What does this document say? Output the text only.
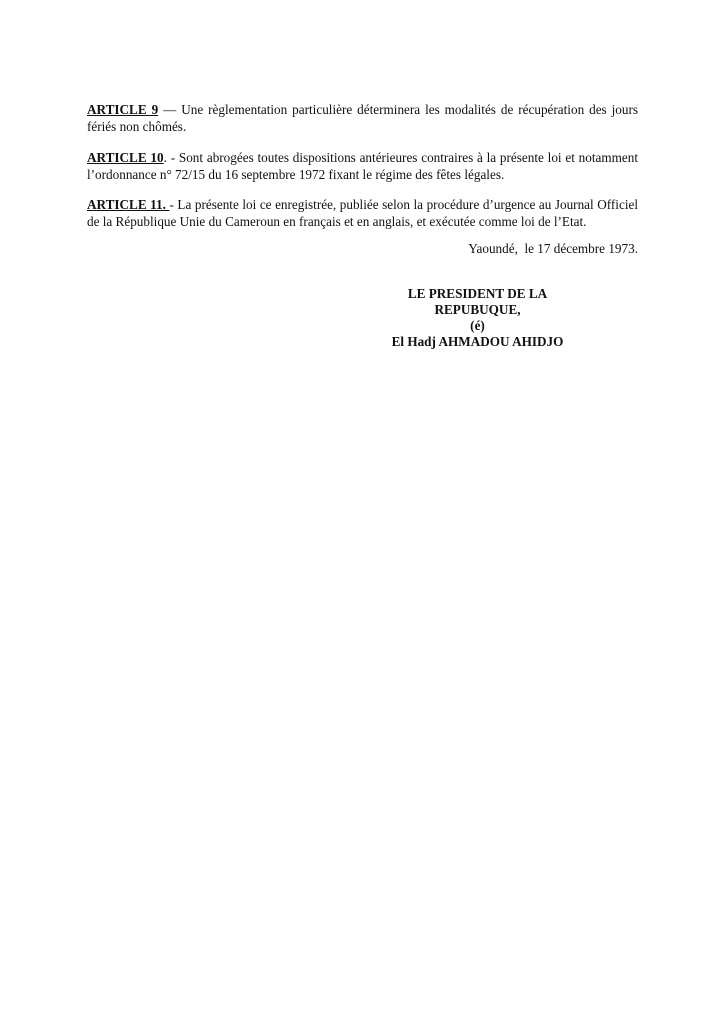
ARTICLE 9 — Une règlementation particulière déterminera les modalités de récupération des jours fériés non chômés.

ARTICLE 10. - Sont abrogées toutes dispositions antérieures contraires à la présente loi et notamment l’ordonnance n° 72/15 du 16 septembre 1972 fixant le régime des fêtes légales.

ARTICLE 11. - La présente loi ce enregistrée, publiée selon la procédure d’urgence au Journal Officiel de la République Unie du Cameroun en français et en anglais, et exécutée comme loi de l’Etat.

Yaoundé,  le 17 décembre 1973.

LE PRESIDENT DE LA REPUBUQUE,
(é)
El Hadj AHMADOU AHIDJO
